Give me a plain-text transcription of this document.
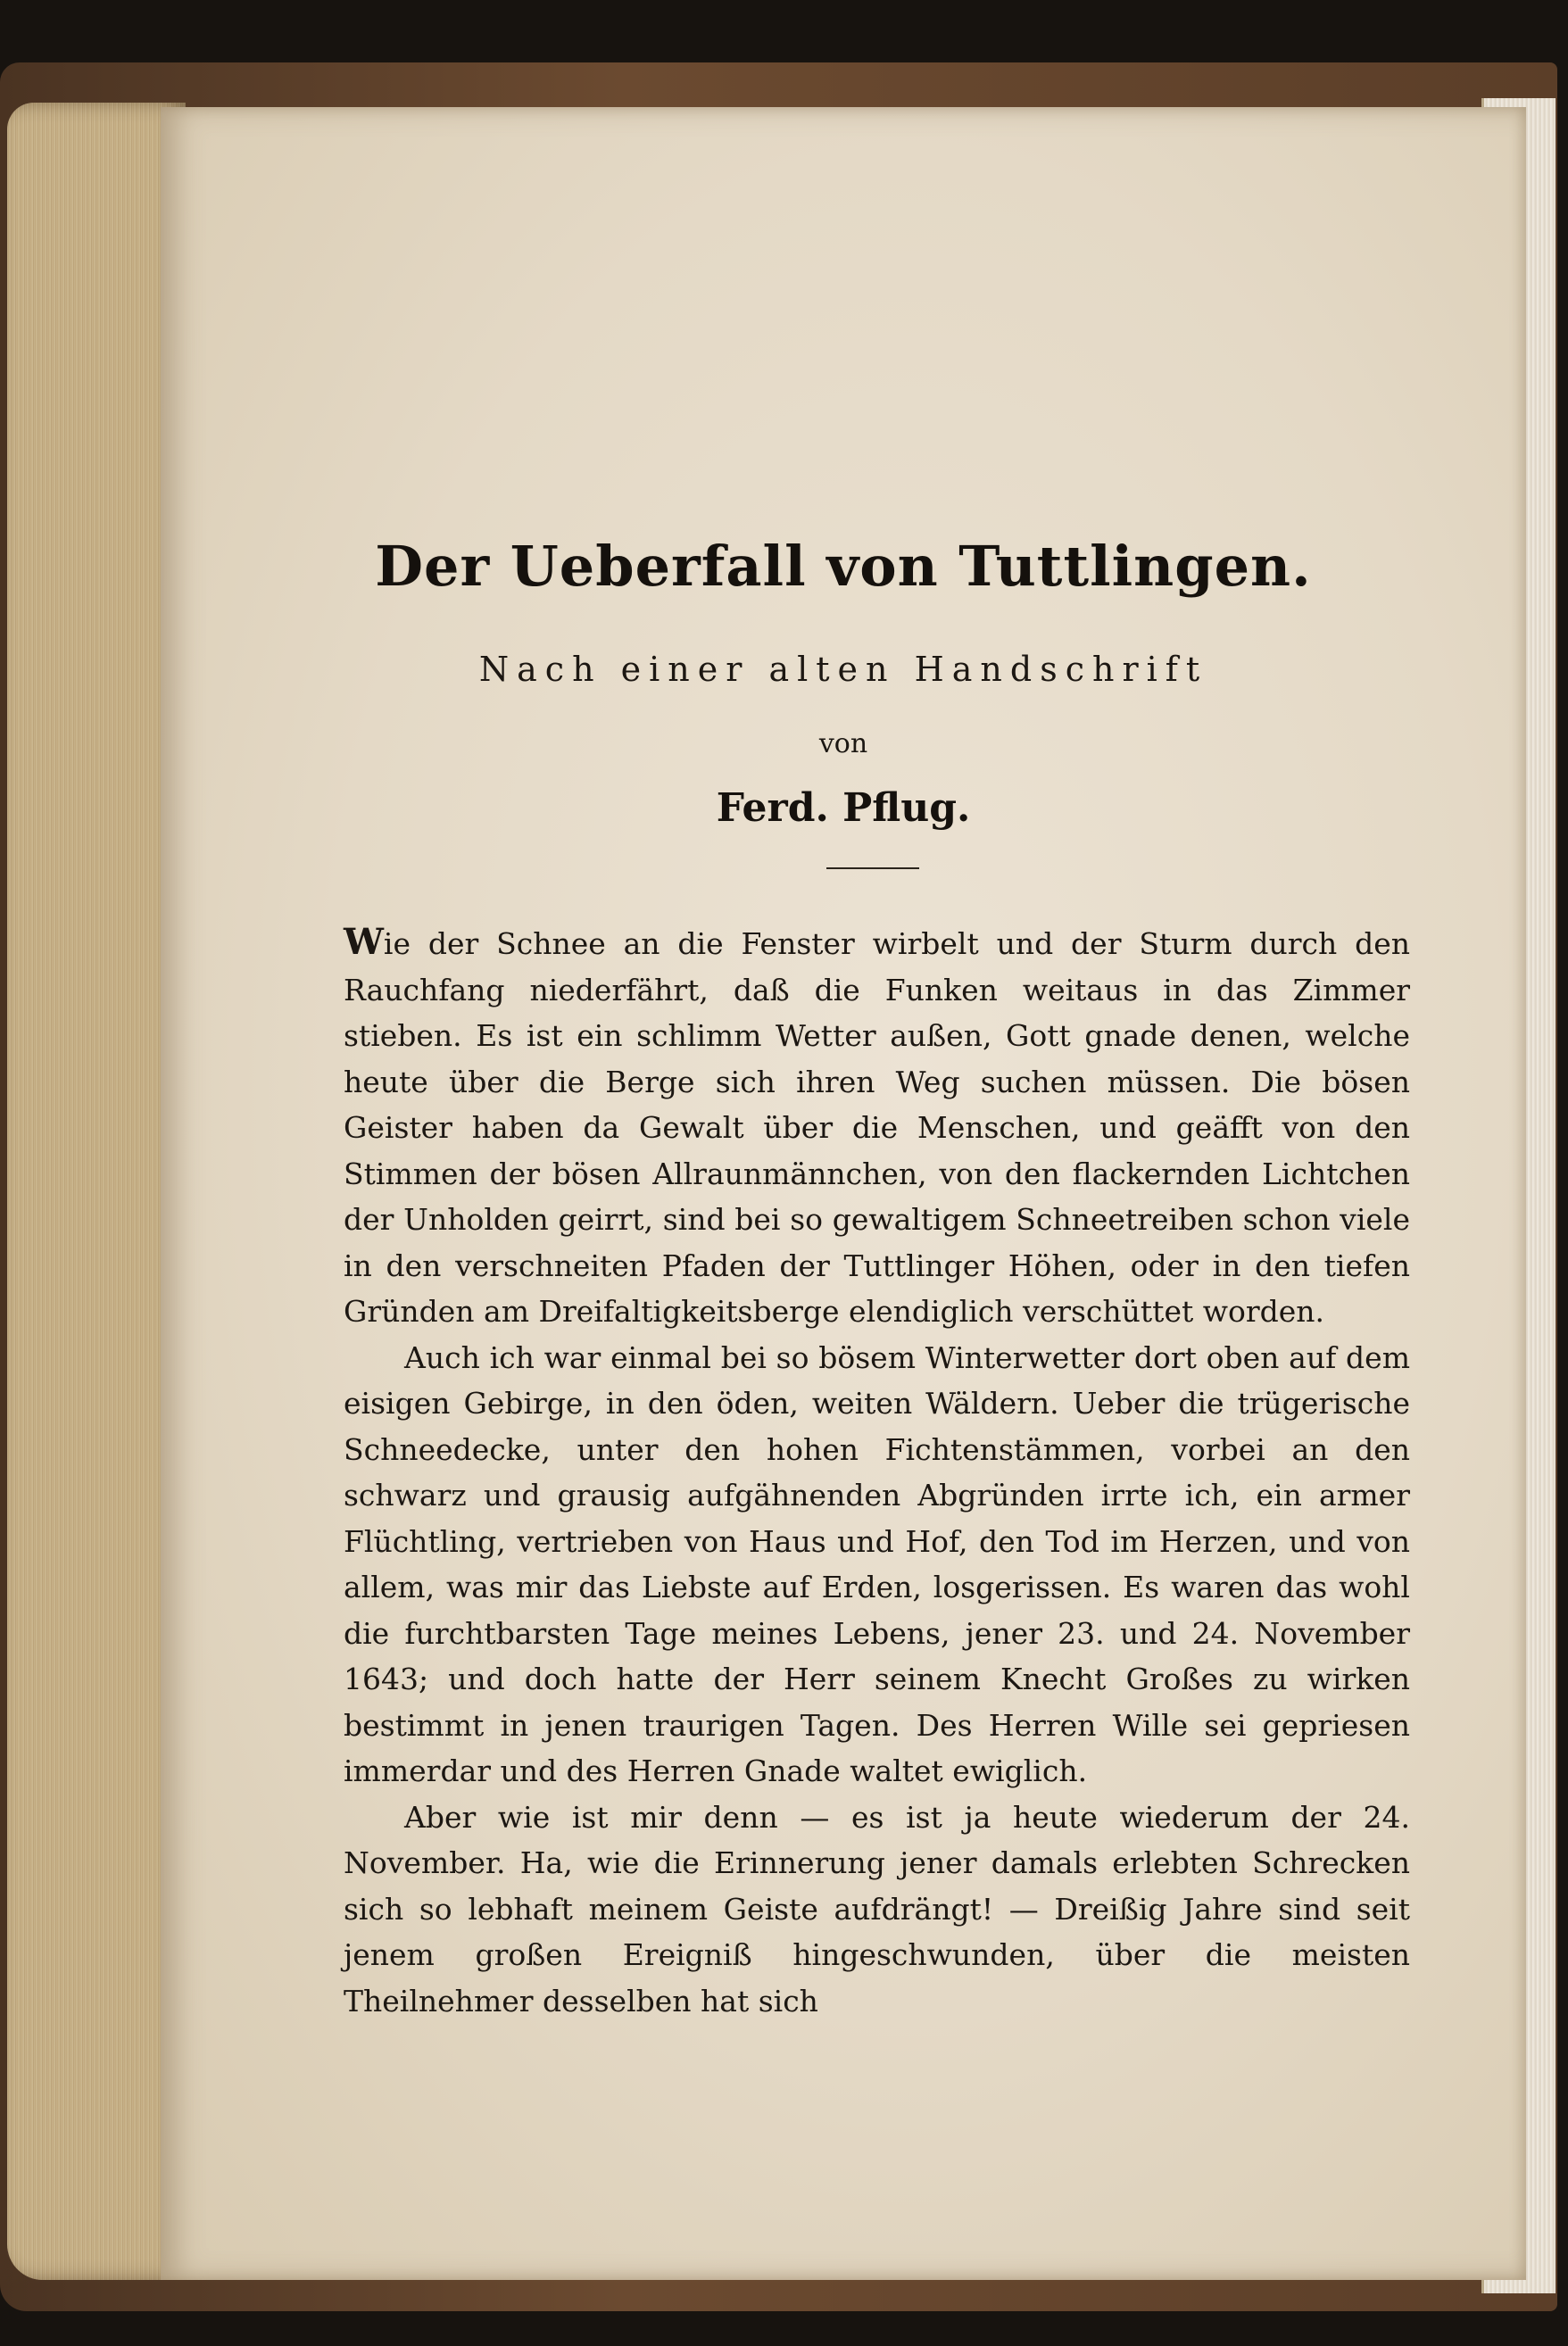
Der Ueberfall von Tuttlingen.
Nach einer alten Handschrift
von
Ferd. Pflug.

Wie der Schnee an die Fenster wirbelt und der Sturm durch den Rauchfang niederfährt, daß die Funken weitaus in das Zimmer stieben. Es ist ein schlimm Wetter außen, Gott gnade denen, welche heute über die Berge sich ihren Weg suchen müssen. Die bösen Geister haben da Gewalt über die Menschen, und geäfft von den Stimmen der bösen Allraunmännchen, von den flackernden Lichtchen der Unholden geirrt, sind bei so gewaltigem Schneetreiben schon viele in den verschneiten Pfaden der Tuttlinger Höhen, oder in den tiefen Gründen am Dreifaltigkeitsberge elendiglich verschüttet worden.

Auch ich war einmal bei so bösem Winterwetter dort oben auf dem eisigen Gebirge, in den öden, weiten Wäldern. Ueber die trügerische Schneedecke, unter den hohen Fichtenstämmen, vorbei an den schwarz und grausig aufgähnenden Abgründen irrte ich, ein armer Flüchtling, vertrieben von Haus und Hof, den Tod im Herzen, und von allem, was mir das Liebste auf Erden, losgerissen. Es waren das wohl die furchtbarsten Tage meines Lebens, jener 23. und 24. November 1643; und doch hatte der Herr seinem Knecht Großes zu wirken bestimmt in jenen traurigen Tagen. Des Herren Wille sei gepriesen immerdar und des Herren Gnade waltet ewiglich.

Aber wie ist mir denn — es ist ja heute wiederum der 24. November. Ha, wie die Erinnerung jener damals erlebten Schrecken sich so lebhaft meinem Geiste aufdrängt! — Dreißig Jahre sind seit jenem großen Ereigniß hingeschwunden, über die meisten Theilnehmer desselben hat sich
